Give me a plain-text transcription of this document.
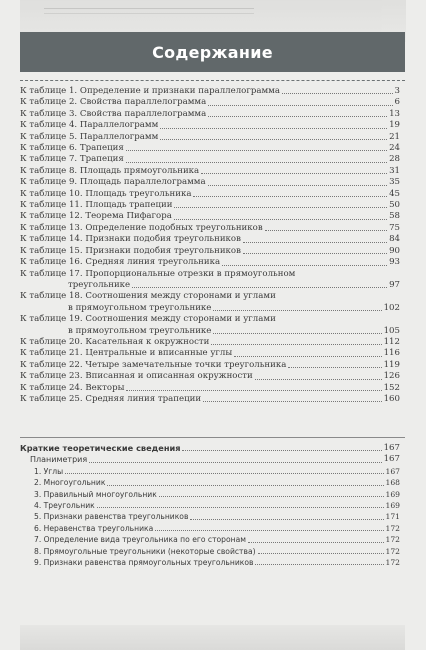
Содержание
К таблице 1. Определение и признаки параллелограмма	3
К таблице 2. Свойства параллелограмма	6
К таблице 3. Свойства параллелограмма	13
К таблице 4. Параллелограмм	19
К таблице 5. Параллелограмм	21
К таблице 6. Трапеция	24
К таблице 7. Трапеция	28
К таблице 8. Площадь прямоугольника	31
К таблице 9. Площадь параллелограмма	35
К таблице 10. Площадь треугольника	45
К таблице 11. Площадь трапеции	50
К таблице 12. Теорема Пифагора	58
К таблице 13. Определение подобных треугольников	75
К таблице 14. Признаки подобия треугольников	84
К таблице 15. Признаки подобия треугольников	90
К таблице 16. Средняя линия треугольника	93
К таблице 17. Пропорциональные отрезки в прямоугольном
треугольнике	97
К таблице 18. Соотношения между сторонами и углами
в прямоугольном треугольнике	102
К таблице 19. Соотношения между сторонами и углами
в прямоугольном треугольнике	105
К таблице 20. Касательная к окружности	112
К таблице 21. Центральные и вписанные углы	116
К таблице 22. Четыре замечательные точки треугольника	119
К таблице 23. Вписанная и описанная окружности	126
К таблице 24. Векторы	152
К таблице 25. Средняя линия трапеции	160
Краткие теоретические сведения	167
Планиметрия	167
1. Углы	167
2. Многоугольник	168
3. Правильный многоугольник	169
4. Треугольник	169
5. Признаки равенства треугольников	171
6. Неравенства треугольника	172
7. Определение вида треугольника по его сторонам	172
8. Прямоугольные треугольники (некоторые свойства)	172
9. Признаки равенства прямоугольных треугольников	172
